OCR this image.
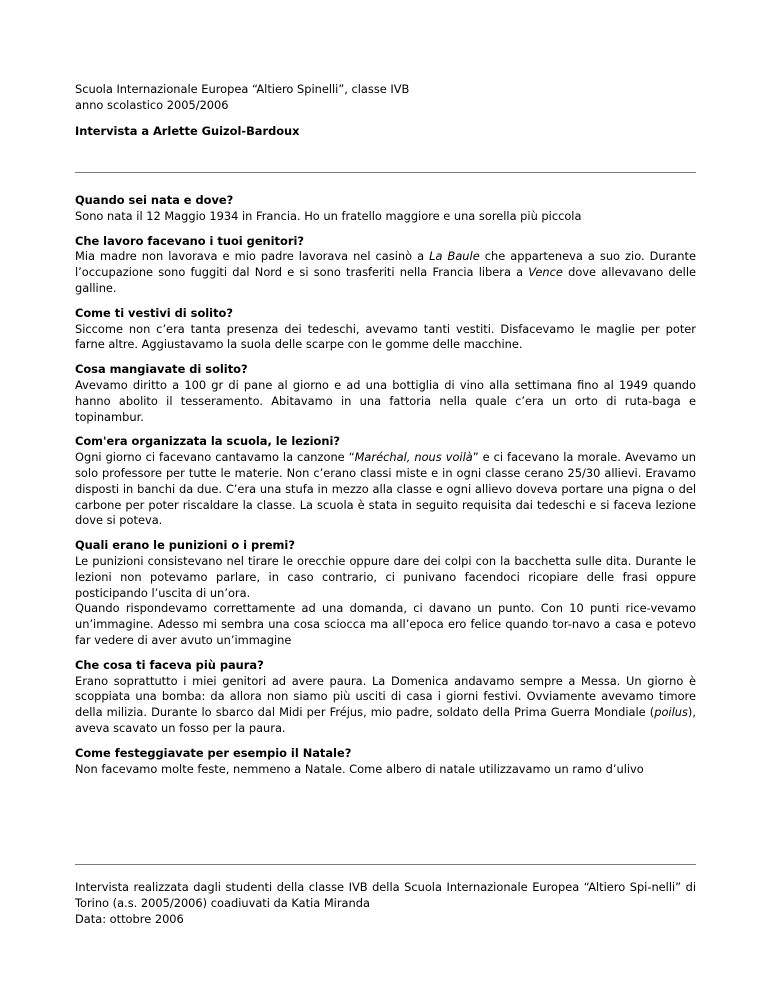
Scuola Internazionale Europea “Altiero Spinelli”, classe IVB

anno scolastico 2005/2006

Intervista a Arlette Guizol-Bardoux

Quando sei nata e dove?

Sono nata il 12 Maggio 1934 in Francia. Ho un fratello maggiore e una sorella più piccola

Che lavoro facevano i tuoi genitori?

Mia madre non lavorava e mio padre lavorava nel casinò a La Baule che apparteneva a suo zio. Durante l’occupazione sono fuggiti dal Nord e si sono trasferiti nella Francia libera a Vence dove allevavano delle galline.

Come ti vestivi di solito?

Siccome non c’era tanta presenza dei tedeschi, avevamo tanti vestiti. Disfacevamo le maglie per poter farne altre. Aggiustavamo la suola delle scarpe con le gomme delle macchine.

Cosa mangiavate di solito?

Avevamo diritto a 100 gr di pane al giorno e ad una bottiglia di vino alla settimana fino al 1949 quando hanno abolito il tesseramento. Abitavamo in una fattoria nella quale c’era un orto di ruta-baga e topinambur.

Com'era organizzata la scuola, le lezioni?

Ogni giorno ci facevano cantavamo la canzone “Maréchal, nous voilà” e ci facevano la morale. Avevamo un solo professore per tutte le materie. Non c’erano classi miste e in ogni classe cerano 25/30 allievi. Eravamo disposti in banchi da due. C’era una stufa in mezzo alla classe e ogni allievo doveva portare una pigna o del carbone per poter riscaldare la classe. La scuola è stata in seguito requisita dai tedeschi e si faceva lezione dove si poteva.

Quali erano le punizioni o i premi?

Le punizioni consistevano nel tirare le orecchie oppure dare dei colpi con la bacchetta sulle dita. Durante le lezioni non potevamo parlare, in caso contrario, ci punivano facendoci ricopiare delle frasi oppure posticipando l’uscita di un’ora.
Quando rispondevamo correttamente ad una domanda, ci davano un punto. Con 10 punti rice-vevamo un’immagine. Adesso mi sembra una cosa sciocca ma all’epoca ero felice quando tor-navo a casa e potevo far vedere di aver avuto un’immagine

Che cosa ti faceva più paura?

Erano soprattutto i miei genitori ad avere paura. La Domenica andavamo sempre a Messa. Un giorno è scoppiata una bomba: da allora non siamo più usciti di casa i giorni festivi. Ovviamente avevamo timore della milizia. Durante lo sbarco dal Midi per Fréjus, mio padre, soldato della Prima Guerra Mondiale (poilus), aveva scavato un fosso per la paura.

Come festeggiavate per esempio il Natale?

Non facevamo molte feste, nemmeno a Natale. Come albero di natale utilizzavamo un ramo d’ulivo

Intervista realizzata dagli studenti della classe IVB della Scuola Internazionale Europea “Altiero Spi-nelli” di Torino (a.s. 2005/2006) coadiuvati da Katia Miranda

Data: ottobre 2006
